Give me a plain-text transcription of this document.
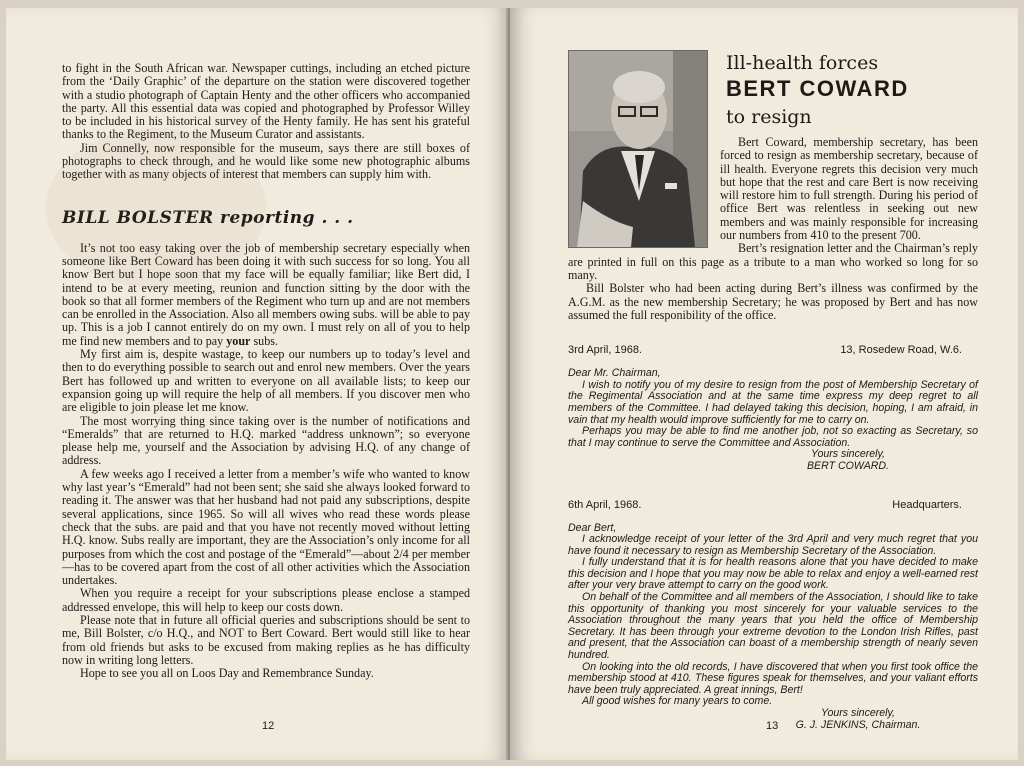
to fight in the South African war. Newspaper cuttings, including an etched picture from the ‘Daily Graphic’ of the departure on the station were discovered together with a studio photograph of Captain Henty and the other officers who accompanied the party. All this essential data was copied and photographed by Professor Willey to be included in his historical survey of the Henty family. He has sent his grateful thanks to the Regiment, to the Museum Curator and assistants.

Jim Connelly, now responsible for the museum, says there are still boxes of photographs to check through, and he would like some new photographic albums together with as many objects of interest that members can supply him with.

BILL BOLSTER reporting . . .

It’s not too easy taking over the job of membership secretary especially when someone like Bert Coward has been doing it with such success for so long. You all know Bert but I hope soon that my face will be equally familiar; like Bert did, I intend to be at every meeting, reunion and function sitting by the door with the book so that all former members of the Regiment who turn up and are not members can be enrolled in the Association. Also all members owing subs. will be able to pay up. This is a job I cannot entirely do on my own. I must rely on all of you to help me find new members and to pay your subs.

My first aim is, despite wastage, to keep our numbers up to today’s level and then to do everything possible to search out and enrol new members. Over the years Bert has followed up and written to everyone on all available lists; to keep our expansion going up will require the help of all members. If you discover men who are eligible to join please let me know.

The most worrying thing since taking over is the number of notifications and “Emeralds” that are returned to H.Q. marked “address unknown”; so everyone please help me, yourself and the Association by advising H.Q. of any change of address.

A few weeks ago I received a letter from a member’s wife who wanted to know why last year’s “Emerald” had not been sent; she said she always looked forward to reading it. The answer was that her husband had not paid any subscriptions, despite several applications, since 1965. So will all wives who read these words please check that the subs. are paid and that you have not recently moved without letting H.Q. know. Subs really are important, they are the Association’s only income for all purposes from which the cost and postage of the “Emerald”—about 2/4 per member—has to be covered apart from the cost of all other activities which the Association undertakes.

When you require a receipt for your subscriptions please enclose a stamped addressed envelope, this will help to keep our costs down.

Please note that in future all official queries and subscriptions should be sent to me, Bill Bolster, c/o H.Q., and NOT to Bert Coward. Bert would still like to hear from old friends but asks to be excused from making replies as he has difficulty now in writing long letters.

Hope to see you all on Loos Day and Remembrance Sunday.

12
Ill-health forces
BERT COWARD
to resign

Bert Coward, membership secretary, has been forced to resign as membership secretary, because of ill health. Everyone regrets this decision very much but hope that the rest and care Bert is now receiving will restore him to full strength. During his period of office Bert was relentless in seeking out new members and was mainly responsible for increasing our numbers from 410 to the present 700.

Bert’s resignation letter and the Chairman’s reply are printed in full on this page as a tribute to a man who worked so long for so many.

Bill Bolster who had been acting during Bert’s illness was confirmed by the A.G.M. as the new membership Secretary; he was proposed by Bert and has now assumed the full responibility of the office.

3rd April, 1968.	13, Rosedew Road, W.6.

Dear Mr. Chairman,

I wish to notify you of my desire to resign from the post of Membership Secretary of the Regimental Association and at the same time express my deep regret to all members of the Committee. I had delayed taking this decision, hoping, I am afraid, in vain that my health would improve sufficiently for me to carry on.

Perhaps you may be able to find me another job, not so exacting as Secretary, so that I may continue to serve the Committee and Association.

Yours sincerely,

BERT COWARD.

6th April, 1968.	Headquarters.

Dear Bert,

I acknowledge receipt of your letter of the 3rd April and very much regret that you have found it necessary to resign as Membership Secretary of the Association.

I fully understand that it is for health reasons alone that you have decided to make this decision and I hope that you may now be able to relax and enjoy a well-earned rest after your very brave attempt to carry on the good work.

On behalf of the Committee and all members of the Association, I should like to take this opportunity of thanking you most sincerely for your valuable services to the Association throughout the many years that you held the office of Membership Secretary. It has been through your extreme devotion to the London Irish Rifles, past and present, that the Association can boast of a membership strength of nearly seven hundred.

On looking into the old records, I have discovered that when you first took office the membership stood at 410. These figures speak for themselves, and your valiant efforts have been truly appreciated. A great innings, Bert!

All good wishes for many years to come.

Yours sincerely,

G. J. JENKINS, Chairman.

13
